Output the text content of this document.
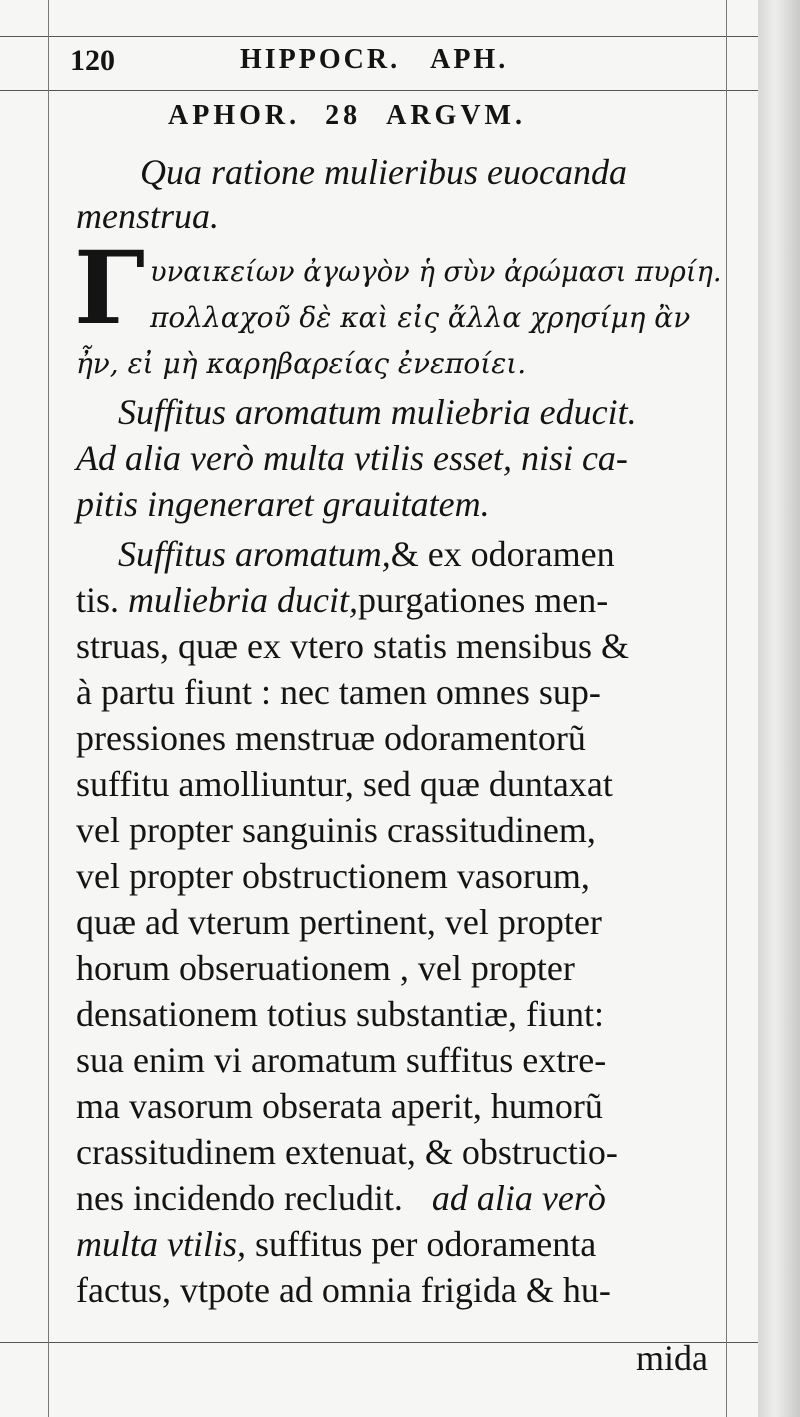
120	HIPPOCR. APH.
APHOR. 28 ARGVM.
Qua ratione mulieribus euocanda
menstrua.
Γ υναικείων ἀγωγὸν ἡ σὺν ἀρώμασι πυρίη.
πολλαχοῦ δὲ καὶ εἰς ἄλλα χρησίμη ἂν
ἦν, εἰ μὴ καρηβαρείας ἐνεποίει.
Suffitus aromatum muliebria educit.
Ad alia verò multa vtilis esset, nisi ca-
pitis ingeneraret grauitatem.
Suffitus aromatum,& ex odoramen
tis. muliebria ducit,purgationes men-
struas, quæ ex vtero statis mensibus &
à partu fiunt : nec tamen omnes sup-
pressiones menstruæ odoramentorũ
suffitu amolliuntur, sed quæ duntaxat
vel propter sanguinis crassitudinem,
vel propter obstructionem vasorum,
quæ ad vterum pertinent, vel propter
horum obseruationem , vel propter
densationem totius substantiæ, fiunt:
sua enim vi aromatum suffitus extre-
ma vasorum obserata aperit, humorũ
crassitudinem extenuat, & obstructio-
nes incidendo recludit. ad alia verò
multa vtilis, suffitus per odoramenta
factus, vtpote ad omnia frigida & hu-
mida
